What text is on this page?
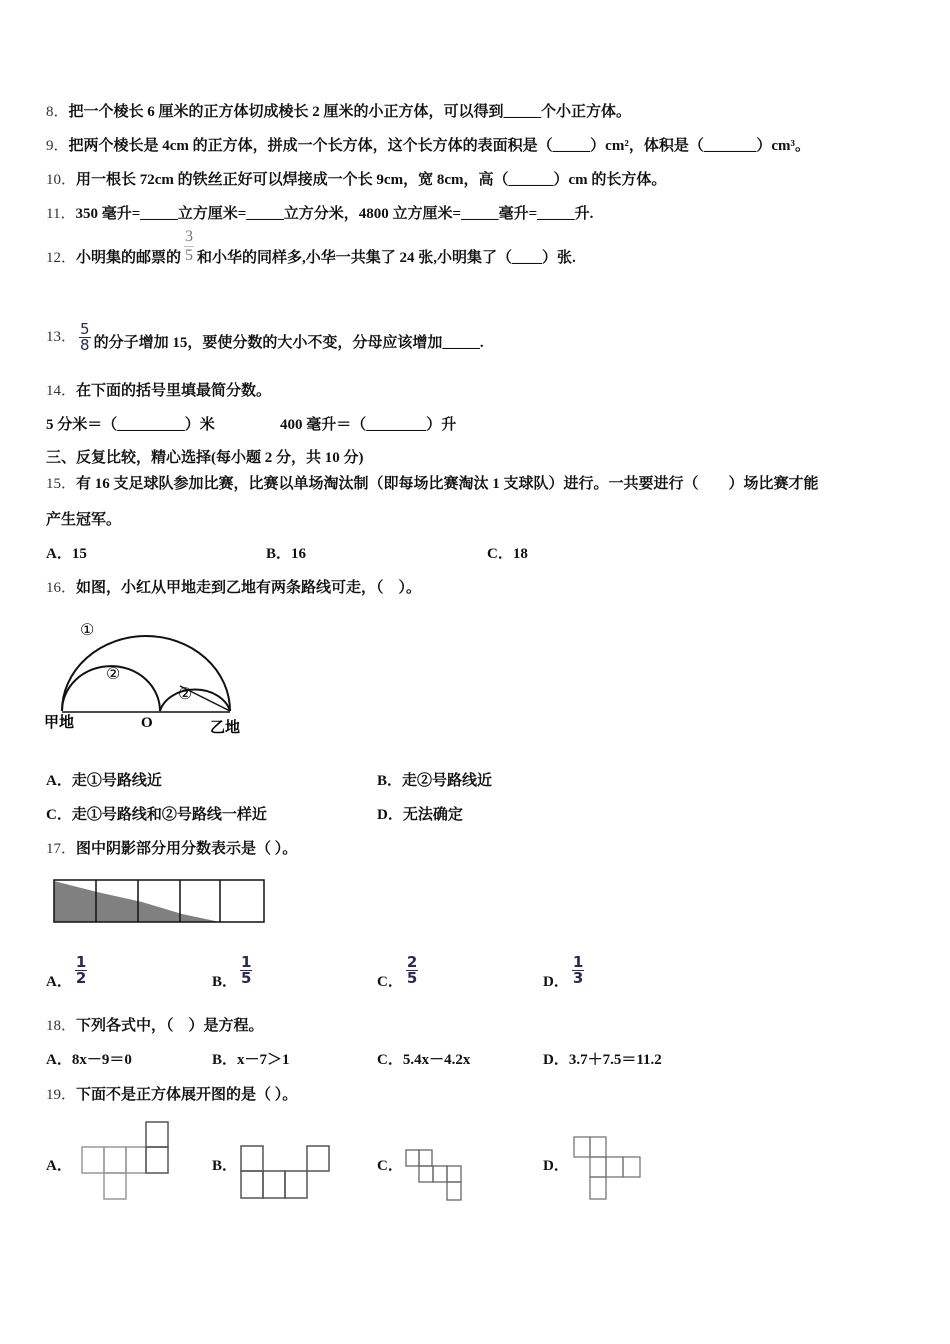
8．把一个棱长 6 厘米的正方体切成棱长 2 厘米的小正方体，可以得到_____个小正方体。
9．把两个棱长是 4cm 的正方体，拼成一个长方体，这个长方体的表面积是（_____）cm²，体积是（_______）cm³。
10．用一根长 72cm 的铁丝正好可以焊接成一个长 9cm，宽 8cm，高（______）cm 的长方体。
11．350 毫升=_____立方厘米=_____立方分米，4800 立方厘米=_____毫升=_____升.
12．小明集的邮票的 $\frac{3}{5}$ 和小华的同样多,小华一共集了 24 张,小明集了（____）张.
13． $\frac{5}{8}$ 的分子增加 15，要使分数的大小不变，分母应该增加_____.
14．在下面的括号里填最简分数。
5 分米＝（_________）米	400 毫升＝（________）升
三、反复比较，精心选择(每小题 2 分，共 10 分)
15．有 16 支足球队参加比赛，比赛以单场淘汰制（即每场比赛淘汰 1 支球队）进行。一共要进行（　　）场比赛才能
产生冠军。
A．15	B．16	C．18
16．如图，小红从甲地走到乙地有两条路线可走，（　）。
①
②
②
甲地	O	乙地
A．走①号路线近	B．走②号路线近
C．走①号路线和②号路线一样近	D．无法确定
17．图中阴影部分用分数表示是（ ）。
A． $\frac{1}{2}$	B． $\frac{1}{5}$	C． $\frac{2}{5}$	D． $\frac{1}{3}$
18．下列各式中，（　）是方程。
A．8x－9＝0	B．x－7＞1	C．5.4x－4.2x	D．3.7＋7.5＝11.2
19．下面不是正方体展开图的是（ ）。
A．	B．	C．	D．
